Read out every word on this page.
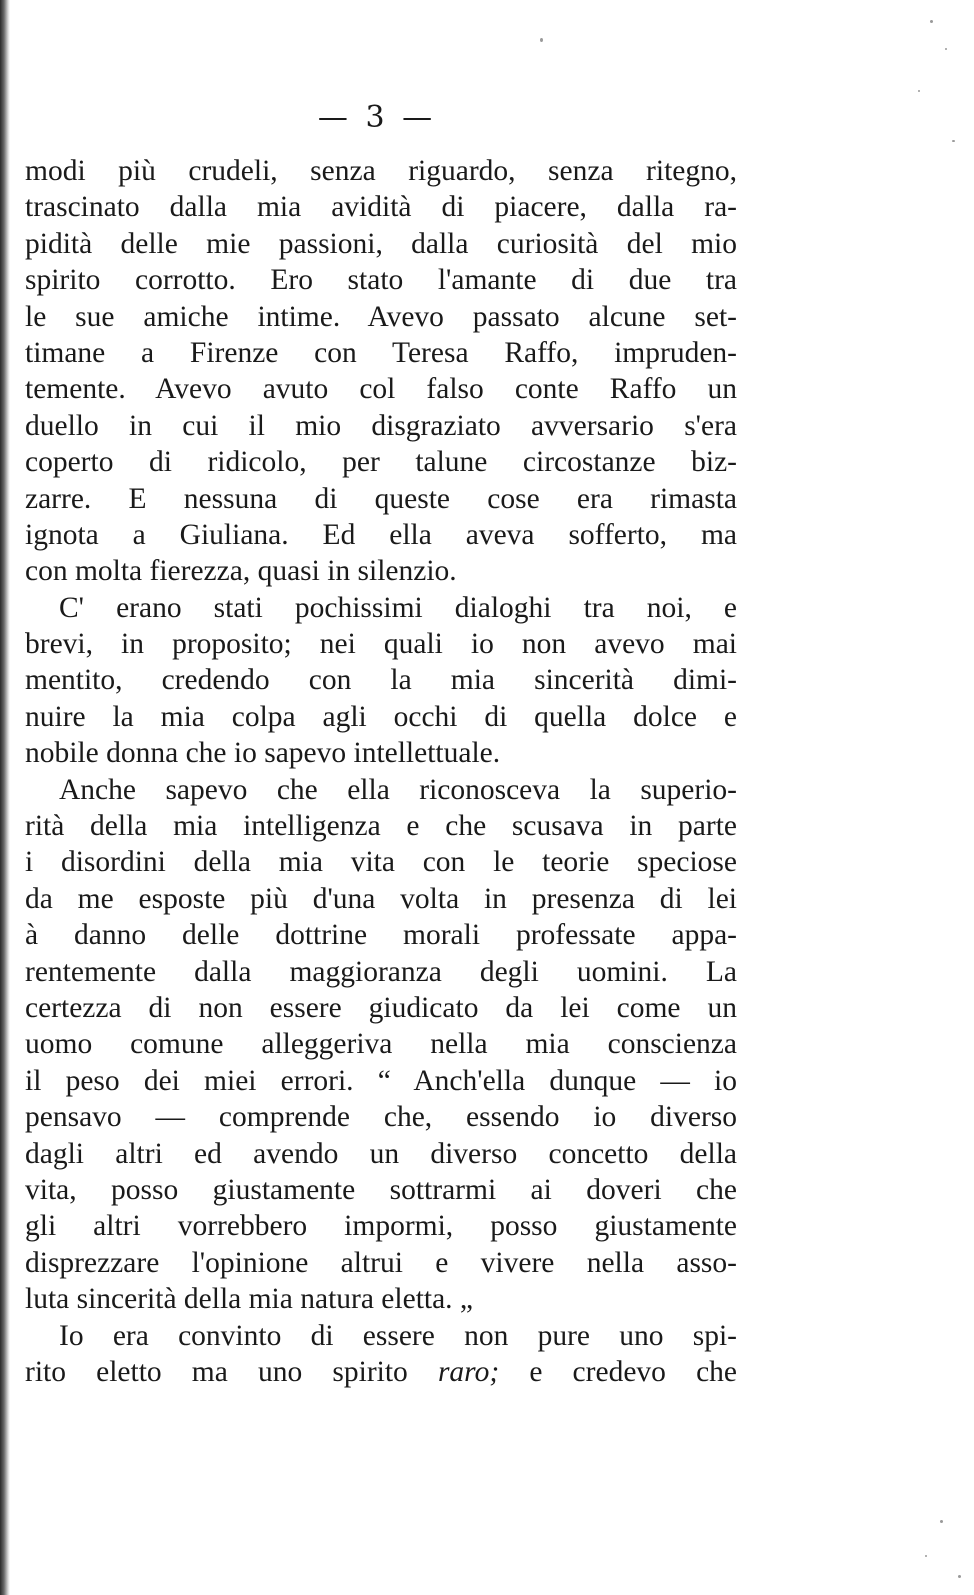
— 3 —
modi più crudeli, senza riguardo, senza ritegno,
trascinato dalla mia avidità di piacere, dalla ra-
pidità delle mie passioni, dalla curiosità del mio
spirito corrotto. Ero stato l'amante di due tra
le sue amiche intime. Avevo passato alcune set-
timane a Firenze con Teresa Raffo, impruden-
temente. Avevo avuto col falso conte Raffo un
duello in cui il mio disgraziato avversario s'era
coperto di ridicolo, per talune circostanze biz-
zarre. E nessuna di queste cose era rimasta
ignota a Giuliana. Ed ella aveva sofferto, ma
con molta fierezza, quasi in silenzio.
C' erano stati pochissimi dialoghi tra noi, e
brevi, in proposito; nei quali io non avevo mai
mentito, credendo con la mia sincerità dimi-
nuire la mia colpa agli occhi di quella dolce e
nobile donna che io sapevo intellettuale.
Anche sapevo che ella riconosceva la superio-
rità della mia intelligenza e che scusava in parte
i disordini della mia vita con le teorie speciose
da me esposte più d'una volta in presenza di lei
à danno delle dottrine morali professate appa-
rentemente dalla maggioranza degli uomini. La
certezza di non essere giudicato da lei come un
uomo comune alleggeriva nella mia conscienza
il peso dei miei errori. “ Anch'ella dunque — io
pensavo — comprende che, essendo io diverso
dagli altri ed avendo un diverso concetto della
vita, posso giustamente sottrarmi ai doveri che
gli altri vorrebbero impormi, posso giustamente
disprezzare l'opinione altrui e vivere nella asso-
luta sincerità della mia natura eletta. „
Io era convinto di essere non pure uno spi-
rito eletto ma uno spirito raro; e credevo che
